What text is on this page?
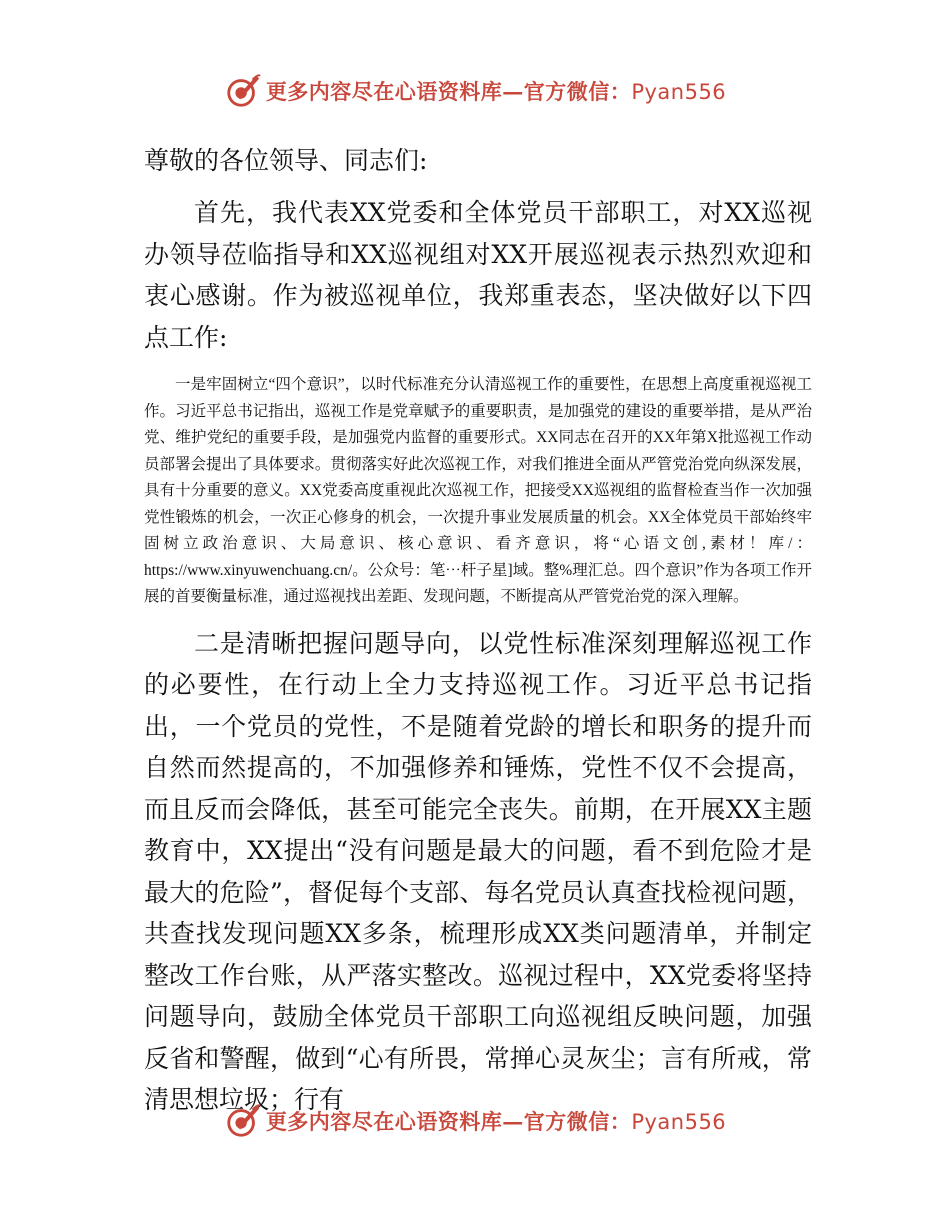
更多内容尽在心语资料库—官方微信：Pyan556

尊敬的各位领导、同志们:

首先，我代表XX党委和全体党员干部职工，对XX巡视办领导莅临指导和XX巡视组对XX开展巡视表示热烈欢迎和衷心感谢。作为被巡视单位，我郑重表态，坚决做好以下四点工作:

一是牢固树立“四个意识”，以时代标准充分认清巡视工作的重要性，在思想上高度重视巡视工作。习近平总书记指出，巡视工作是党章赋予的重要职责，是加强党的建设的重要举措，是从严治党、维护党纪的重要手段，是加强党内监督的重要形式。XX同志在召开的XX年第X批巡视工作动员部署会提出了具体要求。贯彻落实好此次巡视工作，对我们推进全面从严管党治党向纵深发展，具有十分重要的意义。XX党委高度重视此次巡视工作，把接受XX巡视组的监督检查当作一次加强党性锻炼的机会，一次正心修身的机会，一次提升事业发展质量的机会。XX全体党员干部始终牢固树立政治意识、大局意识、核心意识、看齐意识，将“心语文创,素材！库/：https://www.xinyuwenchuang.cn/。公众号：笔⋯杆子星]域。整%理汇总。四个意识”作为各项工作开展的首要衡量标准，通过巡视找出差距、发现问题，不断提高从严管党治党的深入理解。

二是清晰把握问题导向，以党性标准深刻理解巡视工作的必要性，在行动上全力支持巡视工作。习近平总书记指出，一个党员的党性，不是随着党龄的增长和职务的提升而自然而然提高的，不加强修养和锤炼，党性不仅不会提高，而且反而会降低，甚至可能完全丧失。前期，在开展XX主题教育中，XX提出“没有问题是最大的问题，看不到危险才是最大的危险”，督促每个支部、每名党员认真查找检视问题，共查找发现问题XX多条，梳理形成XX类问题清单，并制定整改工作台账，从严落实整改。巡视过程中，XX党委将坚持问题导向，鼓励全体党员干部职工向巡视组反映问题，加强反省和警醒，做到“心有所畏，常掸心灵灰尘；言有所戒，常清思想垃圾；行有

更多内容尽在心语资料库—官方微信：Pyan556
